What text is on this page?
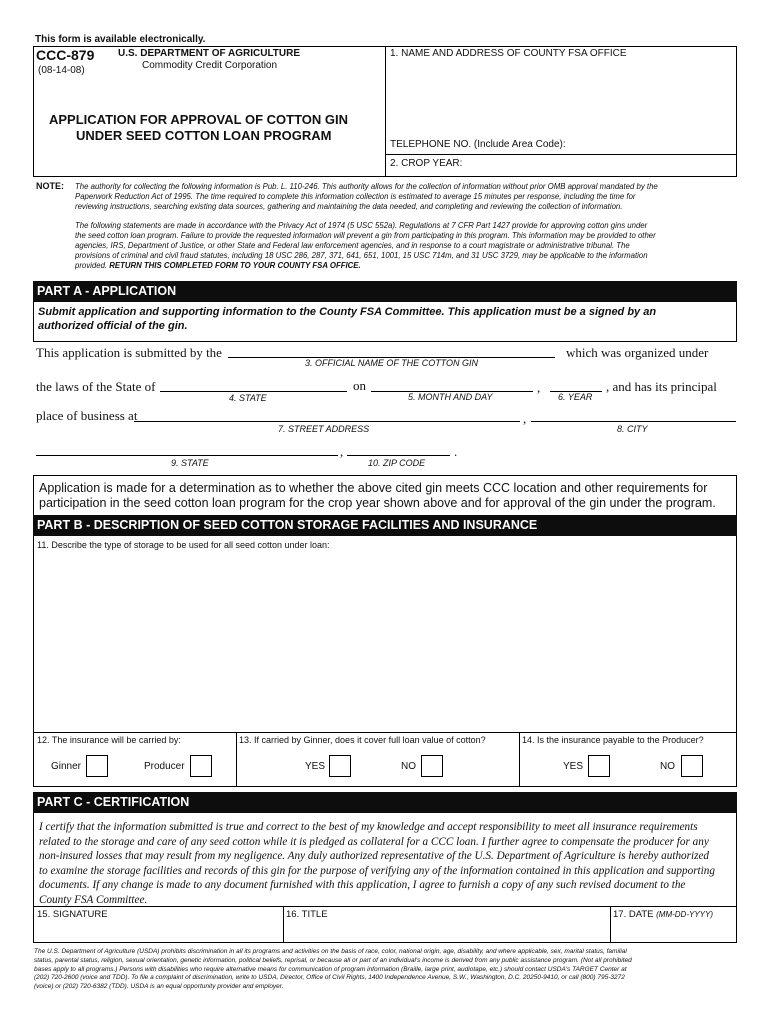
This form is available electronically.
CCC-879
(08-14-08)
U.S. DEPARTMENT OF AGRICULTURE
Commodity Credit Corporation
APPLICATION FOR APPROVAL OF COTTON GIN
UNDER SEED COTTON LOAN PROGRAM
1. NAME AND ADDRESS OF COUNTY FSA OFFICE
TELEPHONE NO. (Include Area Code):
2. CROP YEAR:
NOTE: The authority for collecting the following information is Pub. L. 110-246. This authority allows for the collection of information without prior OMB approval mandated by the
Paperwork Reduction Act of 1995. The time required to complete this information collection is estimated to average 15 minutes per response, including the time for
reviewing instructions, searching existing data sources, gathering and maintaining the data needed, and completing and reviewing the collection of information.
The following statements are made in accordance with the Privacy Act of 1974 (5 USC 552a). Regulations at 7 CFR Part 1427 provide for approving cotton gins under
the seed cotton loan program. Failure to provide the requested information will prevent a gin from participating in this program. This information may be provided to other
agencies, IRS, Department of Justice, or other State and Federal law enforcement agencies, and in response to a court magistrate or administrative tribunal. The
provisions of criminal and civil fraud statutes, including 18 USC 286, 287, 371, 641, 651, 1001, 15 USC 714m, and 31 USC 3729, may be applicable to the information
provided. RETURN THIS COMPLETED FORM TO YOUR COUNTY FSA OFFICE.
PART A - APPLICATION
Submit application and supporting information to the County FSA Committee. This application must be a signed by an
authorized official of the gin.
This application is submitted by the	which was organized under
3. OFFICIAL NAME OF THE COTTON GIN
the laws of the State of	on	,	, and has its principal
4. STATE	5. MONTH AND DAY	6. YEAR
place of business at	,
7. STREET ADDRESS	8. CITY
,	.
9. STATE	10. ZIP CODE
Application is made for a determination as to whether the above cited gin meets CCC location and other requirements for
participation in the seed cotton loan program for the crop year shown above and for approval of the gin under the program.
PART B - DESCRIPTION OF SEED COTTON STORAGE FACILITIES AND INSURANCE
11. Describe the type of storage to be used for all seed cotton under loan:
12. The insurance will be carried by:	13. If carried by Ginner, does it cover full loan value of cotton?	14. Is the insurance payable to the Producer?
Ginner	Producer	YES	NO	YES	NO
PART C - CERTIFICATION
I certify that the information submitted is true and correct to the best of my knowledge and accept responsibility to meet all insurance requirements
related to the storage and care of any seed cotton while it is pledged as collateral for a CCC loan. I further agree to compensate the producer for any
non-insured losses that may result from my negligence. Any duly authorized representative of the U.S. Department of Agriculture is hereby authorized
to examine the storage facilities and records of this gin for the purpose of verifying any of the information contained in this application and supporting
documents. If any change is made to any document furnished with this application, I agree to furnish a copy of any such revised document to the
County FSA Committee.
15. SIGNATURE	16. TITLE	17. DATE (MM-DD-YYYY)
The U.S. Department of Agriculture (USDA) prohibits discrimination in all its programs and activities on the basis of race, color, national origin, age, disability, and where applicable, sex, marital status, familial
status, parental status, religion, sexual orientation, genetic information, political beliefs, reprisal, or because all or part of an individual's income is derived from any public assistance program. (Not all prohibited
bases apply to all programs.) Persons with disabilities who require alternative means for communication of program information (Braille, large print, audiotape, etc.) should contact USDA's TARGET Center at
(202) 720-2600 (voice and TDD). To file a complaint of discrimination, write to USDA, Director, Office of Civil Rights, 1400 Independence Avenue, S.W., Washington, D.C. 20250-9410, or call (800) 795-3272
(voice) or (202) 720-6382 (TDD). USDA is an equal opportunity provider and employer.
